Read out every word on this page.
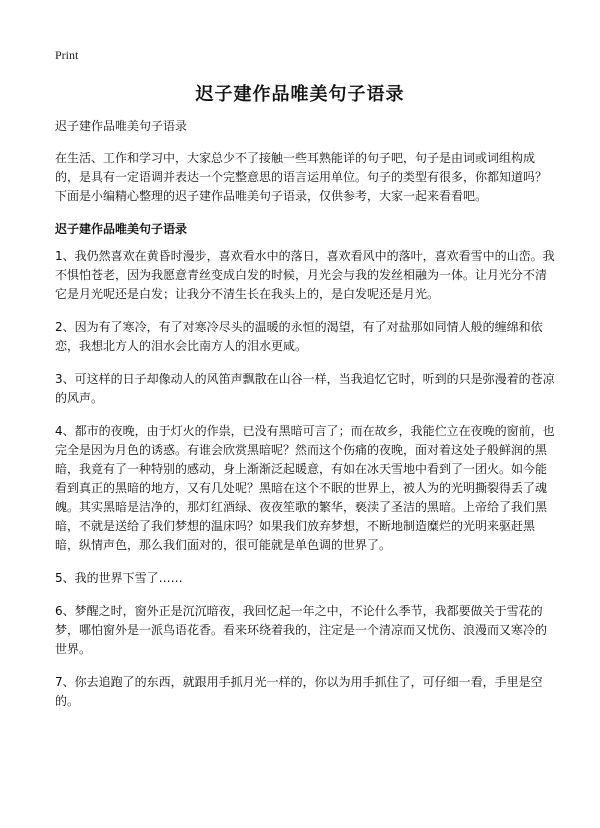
Print
迟子建作品唯美句子语录

迟子建作品唯美句子语录

在生活、工作和学习中，大家总少不了接触一些耳熟能详的句子吧，句子是由词或词组构成的，是具有一定语调并表达一个完整意思的语言运用单位。句子的类型有很多，你都知道吗？下面是小编精心整理的迟子建作品唯美句子语录，仅供参考，大家一起来看看吧。

迟子建作品唯美句子语录

1、我仍然喜欢在黄昏时漫步，喜欢看水中的落日，喜欢看风中的落叶，喜欢看雪中的山峦。我不惧怕苍老，因为我愿意青丝变成白发的时候，月光会与我的发丝相融为一体。让月光分不清它是月光呢还是白发；让我分不清生长在我头上的，是白发呢还是月光。

2、因为有了寒冷，有了对寒冷尽头的温暖的永恒的渴望，有了对盐那如同情人般的缠绵和依恋，我想北方人的泪水会比南方人的泪水更咸。

3、可这样的日子却像动人的风笛声飘散在山谷一样，当我追忆它时，听到的只是弥漫着的苍凉的风声。

4、都市的夜晚，由于灯火的作祟，已没有黑暗可言了；而在故乡，我能伫立在夜晚的窗前，也完全是因为月色的诱惑。有谁会欣赏黑暗呢？然而这个伤痛的夜晚，面对着这处子般鲜润的黑暗，我竟有了一种特别的感动，身上渐渐泛起暖意，有如在冰天雪地中看到了一团火。如今能看到真正的黑暗的地方，又有几处呢？黑暗在这个不眠的世界上，被人为的光明撕裂得丢了魂魄。其实黑暗是洁净的，那灯红酒绿、夜夜笙歌的繁华，亵渎了圣洁的黑暗。上帝给了我们黑暗，不就是送给了我们梦想的温床吗？如果我们放弃梦想，不断地制造糜烂的光明来驱赶黑暗，纵情声色，那么我们面对的，很可能就是单色调的世界了。

5、我的世界下雪了……

6、梦醒之时，窗外正是沉沉暗夜，我回忆起一年之中，不论什么季节，我都要做关于雪花的梦，哪怕窗外是一派鸟语花香。看来环绕着我的，注定是一个清凉而又忧伤、浪漫而又寒冷的世界。

7、你去追跑了的东西，就跟用手抓月光一样的，你以为用手抓住了，可仔细一看，手里是空的。
